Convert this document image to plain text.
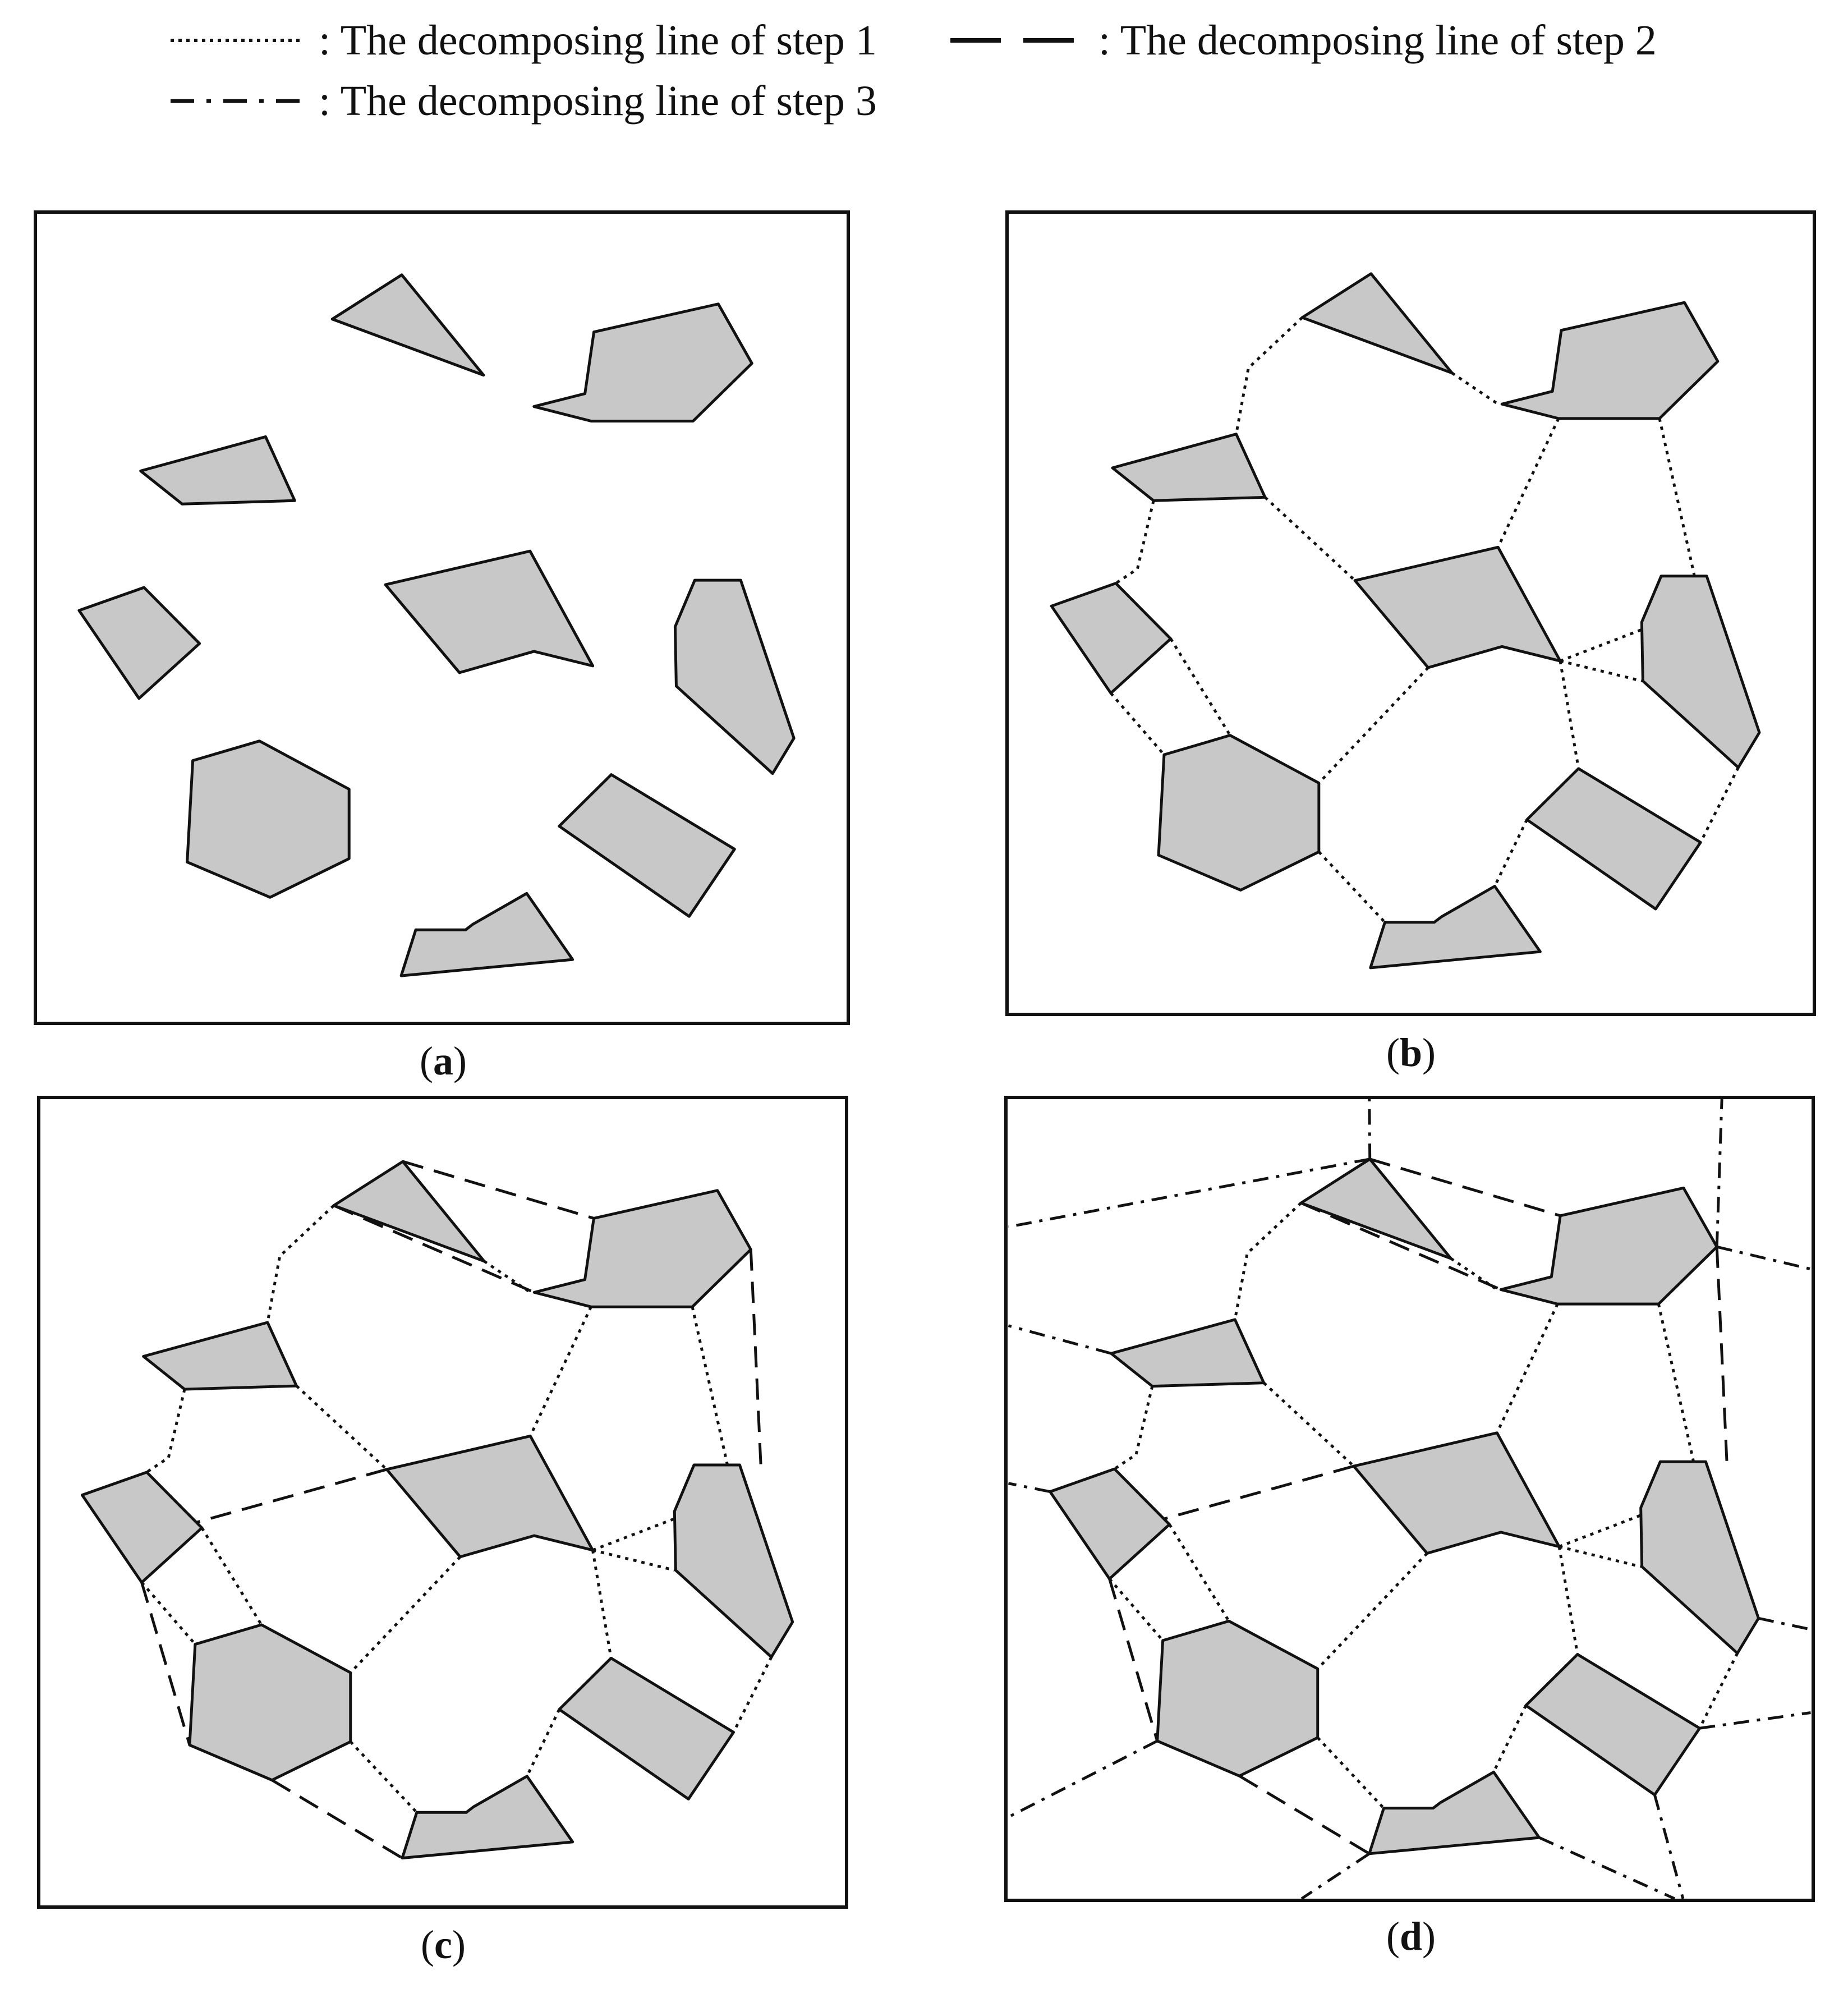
: The decomposing line of step 1	: The decomposing line of step 2
: The decomposing line of step 3
(a)	(b)
(c)	(d)
